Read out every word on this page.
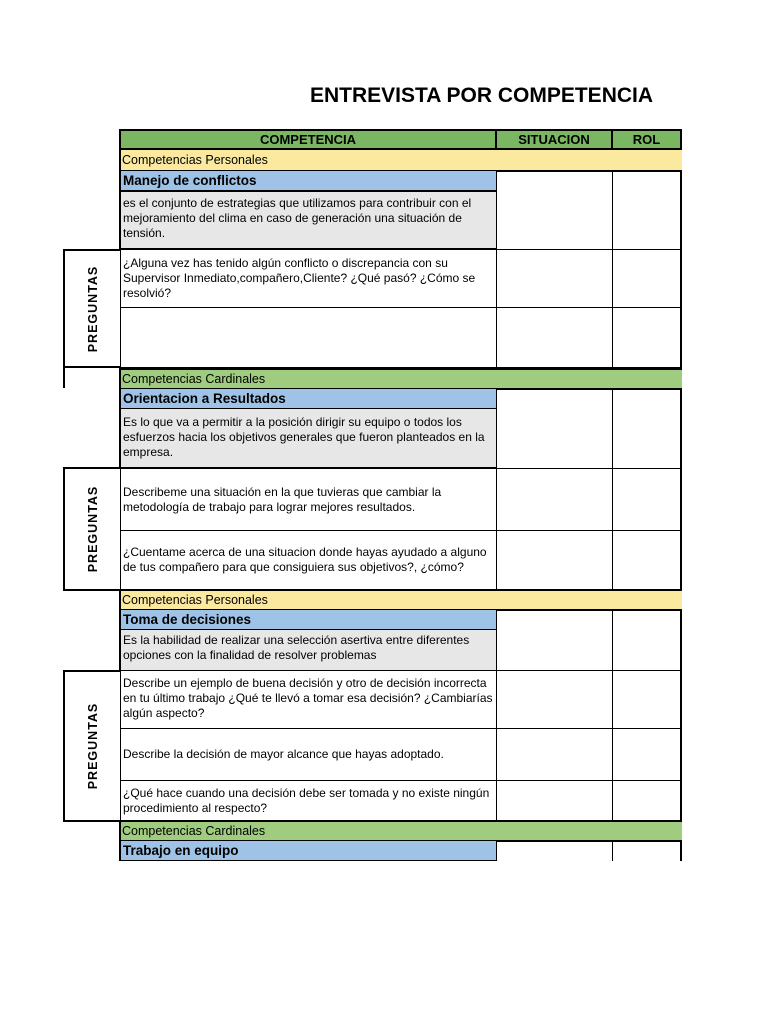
ENTREVISTA POR COMPETENCIA
COMPETENCIA	SITUACION	ROL
Competencias Personales
Manejo de conflictos
es el conjunto de estrategias que utilizamos para contribuir con el mejoramiento del clima en caso de generación una situación de tensión.
¿Alguna vez has tenido algún conflicto o discrepancia con su Supervisor Inmediato,compañero,Cliente? ¿Qué pasó? ¿Cómo se resolvió?
PREGUNTAS
Competencias Cardinales
Orientacion a Resultados
Es lo que va a permitir a la posición dirigir su equipo o todos los esfuerzos hacia los objetivos generales que fueron planteados en la empresa.
Describeme una situación en la que tuvieras que cambiar la metodología de trabajo para lograr mejores resultados.
¿Cuentame acerca de una situacion donde hayas ayudado a alguno de tus compañero para que consiguiera sus objetivos?, ¿cómo?
PREGUNTAS
Competencias Personales
Toma de decisiones
Es la habilidad de realizar una selección asertiva entre diferentes opciones con la finalidad de resolver problemas
Describe un ejemplo de buena decisión y otro de decisión incorrecta en tu último trabajo ¿Qué te llevó a tomar esa decisión? ¿Cambiarías algún aspecto?
Describe la decisión de mayor alcance que hayas adoptado.
¿Qué hace cuando una decisión debe ser tomada y no existe ningún procedimiento al respecto?
PREGUNTAS
Competencias Cardinales
Trabajo en equipo
